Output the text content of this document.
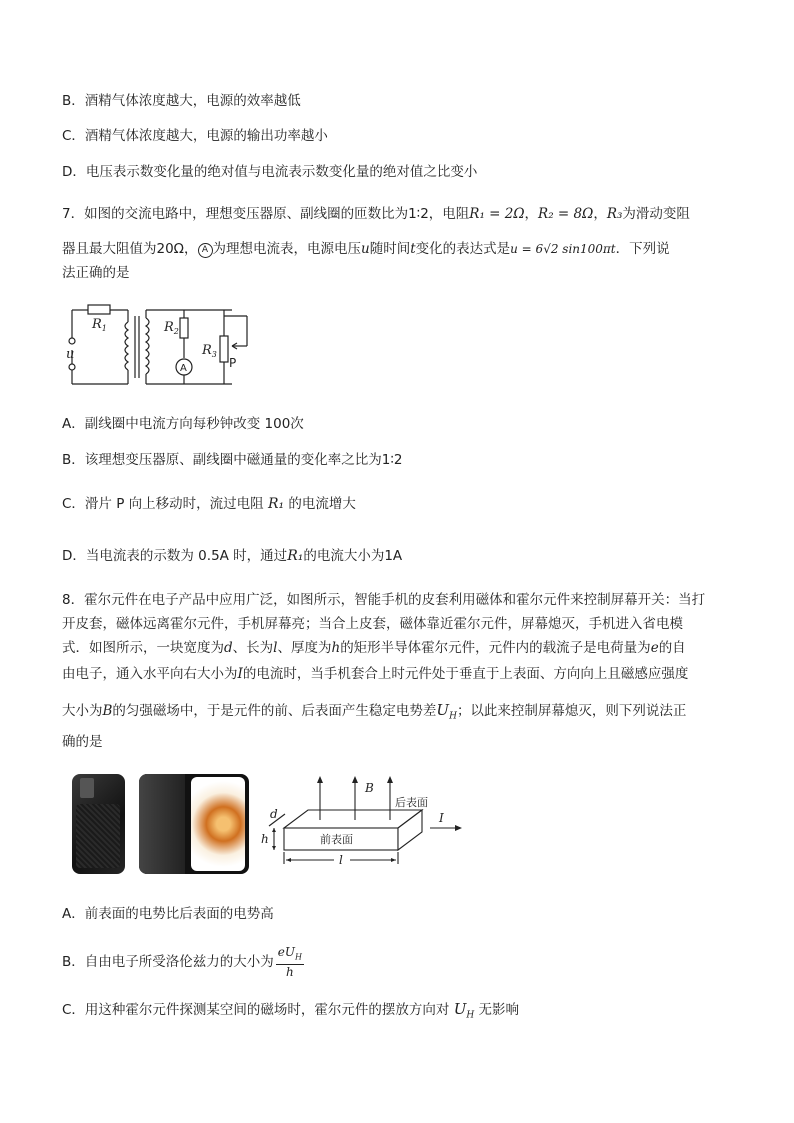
B．酒精气体浓度越大，电源的效率越低
C．酒精气体浓度越大，电源的输出功率越小
D．电压表示数变化量的绝对值与电流表示数变化量的绝对值之比变小
7．如图的交流电路中，理想变压器原、副线圈的匝数比为1∶2，电阻R₁ = 2Ω，R₂ = 8Ω，R₃为滑动变阻
器且最大阻值为20Ω， A 为理想电流表，电源电压u随时间t变化的表达式是u = 6√2 sin100πt．下列说
法正确的是
$R_1$	$R_2$
$R_3$
u
P
A
A．副线圈中电流方向每秒钟改变 100次
B．该理想变压器原、副线圈中磁通量的变化率之比为1∶2
C．滑片 P 向上移动时，流过电阻 R₁ 的电流增大
D．当电流表的示数为 0.5A 时，通过R₁的电流大小为1A
8．霍尔元件在电子产品中应用广泛，如图所示，智能手机的皮套利用磁体和霍尔元件来控制屏幕开关：当打
开皮套，磁体远离霍尔元件，手机屏幕亮；当合上皮套，磁体靠近霍尔元件，屏幕熄灭，手机进入省电模
式．如图所示，一块宽度为d、长为l、厚度为h的矩形半导体霍尔元件，元件内的载流子是电荷量为e的自
由电子，通入水平向右大小为I的电流时，当手机套合上时元件处于垂直于上表面、方向向上且磁感应强度
大小为B的匀强磁场中，于是元件的前、后表面产生稳定电势差$U_H$；以此来控制屏幕熄灭，则下列说法正
确的是
B
后表面
前表面
I
d
h
l
A．前表面的电势比后表面的电势高
B．自由电子所受洛伦兹力的大小为 $\frac{eU_H}{h}$
C．用这种霍尔元件探测某空间的磁场时，霍尔元件的摆放方向对 $U_H$ 无影响
